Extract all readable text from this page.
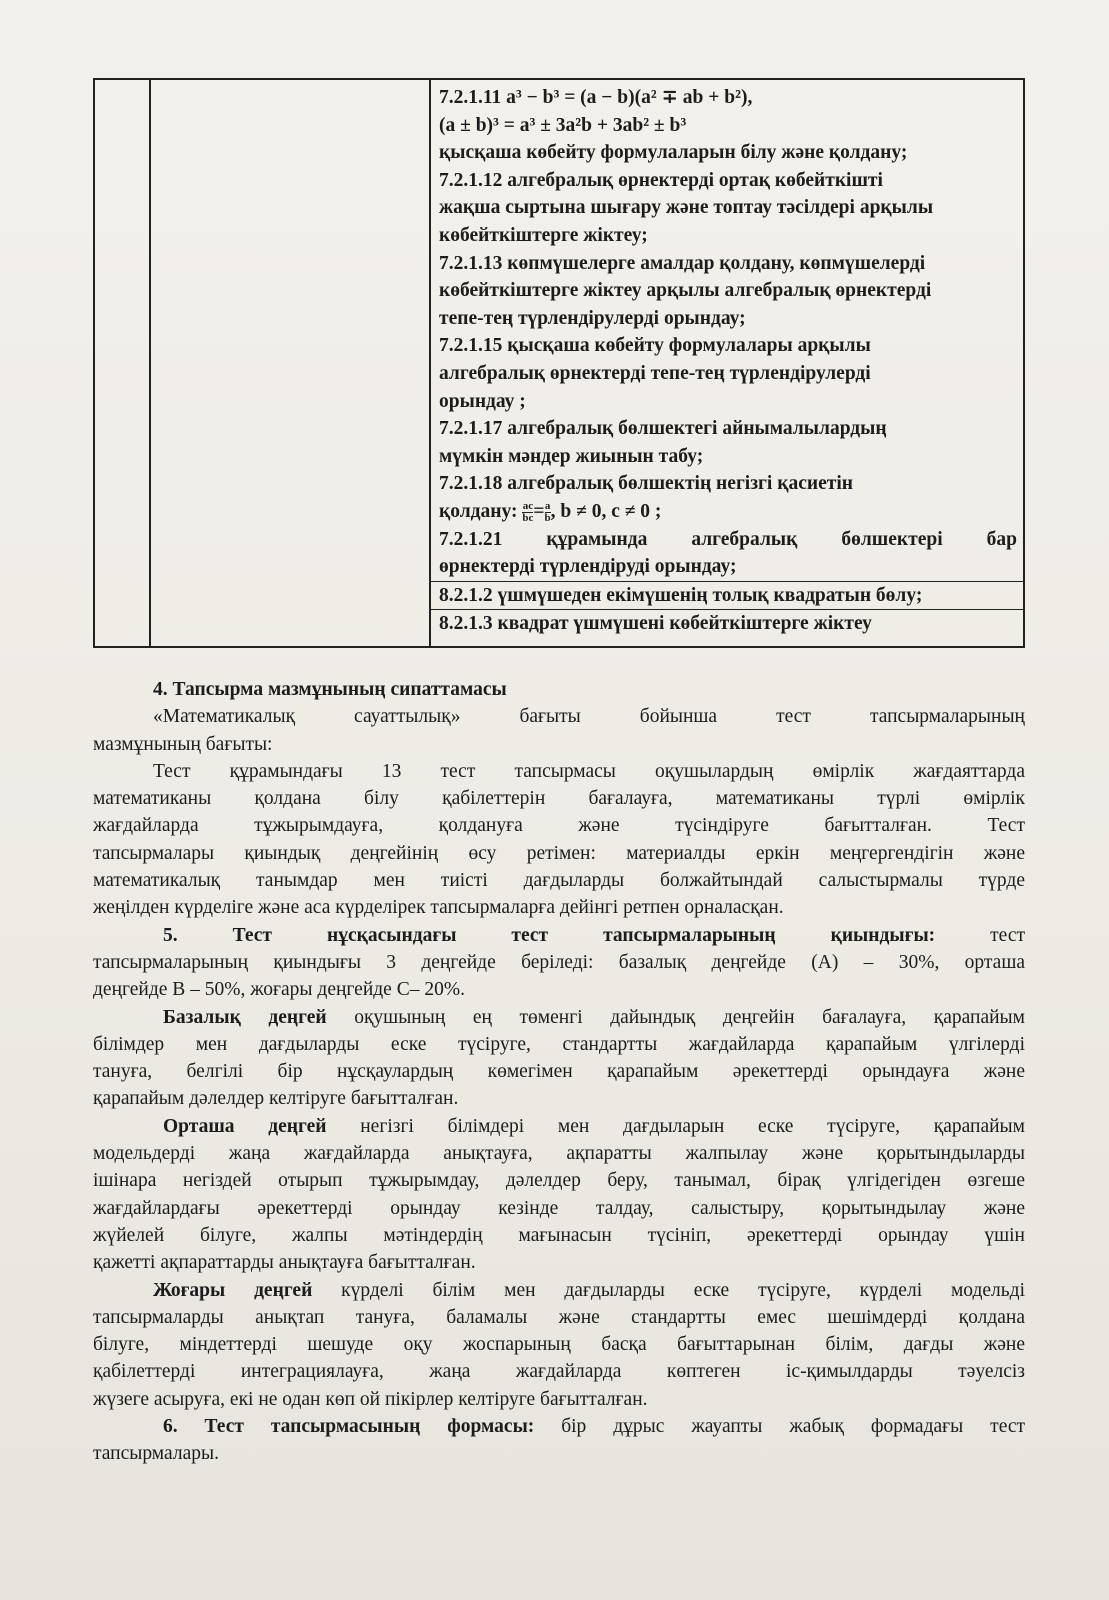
7.2.1.11 a³ − b³ = (a − b)(a² ∓ ab + b²),
(a ± b)³ = a³ ± 3a²b + 3ab² ± b³
қысқаша көбейту формулаларын білу және қолдану;
7.2.1.12 алгебралық өрнектерді ортақ көбейткішті
жақша сыртына шығару және топтау тәсілдері арқылы
көбейткіштерге жіктеу;
7.2.1.13 көпмүшелерге амалдар қолдану, көпмүшелерді
көбейткіштерге жіктеу арқылы алгебралық өрнектерді
тепе-тең түрлендірулерді орындау;
7.2.1.15 қысқаша көбейту формулалары арқылы
алгебралық өрнектерді тепе-тең түрлендірулерді
орындау ;
7.2.1.17 алгебралық бөлшектегі айнымалылардың
мүмкін мәндер жиынын табу;
7.2.1.18 алгебралық бөлшектің негізгі қасиетін
қолдану: $\frac{ac}{bc} = \frac{a}{b}$ , b ≠ 0, c ≠ 0 ;
7.2.1.21 құрамында алгебралық бөлшектері бар
өрнектерді түрлендіруді орындау;
8.2.1.2 үшмүшеден екімүшенің толық квадратын бөлу;
8.2.1.3 квадрат үшмүшені көбейткіштерге жіктеу

4. Тапсырма мазмұнының сипаттамасы

«Математикалық сауаттылық» бағыты бойынша тест тапсырмаларының

мазмұнының бағыты:

Тест құрамындағы 13 тест тапсырмасы оқушылардың өмірлік жағдаяттарда

математиканы қолдана білу қабілеттерін бағалауға, математиканы түрлі өмірлік

жағдайларда тұжырымдауға, қолдануға және түсіндіруге бағытталған. Тест

тапсырмалары қиындық деңгейінің өсу ретімен: материалды еркін меңгергендігін және

математикалық танымдар мен тиісті дағдыларды болжайтындай салыстырмалы түрде

жеңілден күрделіге және аса күрделірек тапсырмаларға дейінгі ретпен орналасқан.

5. Тест нұсқасындағы тест тапсырмаларының қиындығы:	тест

тапсырмаларының қиындығы 3 деңгейде беріледі: базалық деңгейде (А) – 30%, орташа

деңгейде В – 50%, жоғары деңгейде С– 20%.

Базалық деңгей оқушының ең төменгі дайындық деңгейін бағалауға, қарапайым

білімдер мен дағдыларды еске түсіруге, стандартты жағдайларда қарапайым үлгілерді

тануға, белгілі бір нұсқаулардың көмегімен қарапайым әрекеттерді орындауға және

қарапайым дәлелдер келтіруге бағытталған.

Орташа деңгей негізгі білімдері мен дағдыларын еске түсіруге, қарапайым

модельдерді жаңа жағдайларда анықтауға, ақпаратты жалпылау және қорытындыларды

ішінара негіздей отырып тұжырымдау, дәлелдер беру, танымал, бірақ үлгідегіден өзгеше

жағдайлардағы әрекеттерді орындау кезінде талдау, салыстыру, қорытындылау және

жүйелей білуге, жалпы мәтіндердің мағынасын түсініп, әрекеттерді орындау үшін

қажетті ақпараттарды анықтауға бағытталған.

Жоғары деңгей күрделі білім мен дағдыларды еске түсіруге, күрделі модельді

тапсырмаларды анықтап тануға, баламалы және стандартты емес шешімдерді қолдана

білуге, міндеттерді шешуде оқу жоспарының басқа бағыттарынан білім, дағды және

қабілеттерді интеграциялауға, жаңа жағдайларда көптеген іс-қимылдарды тәуелсіз

жүзеге асыруға, екі не одан көп ой пікірлер келтіруге бағытталған.

6. Тест тапсырмасының формасы: бір дұрыс жауапты жабық формадағы тест

тапсырмалары.
